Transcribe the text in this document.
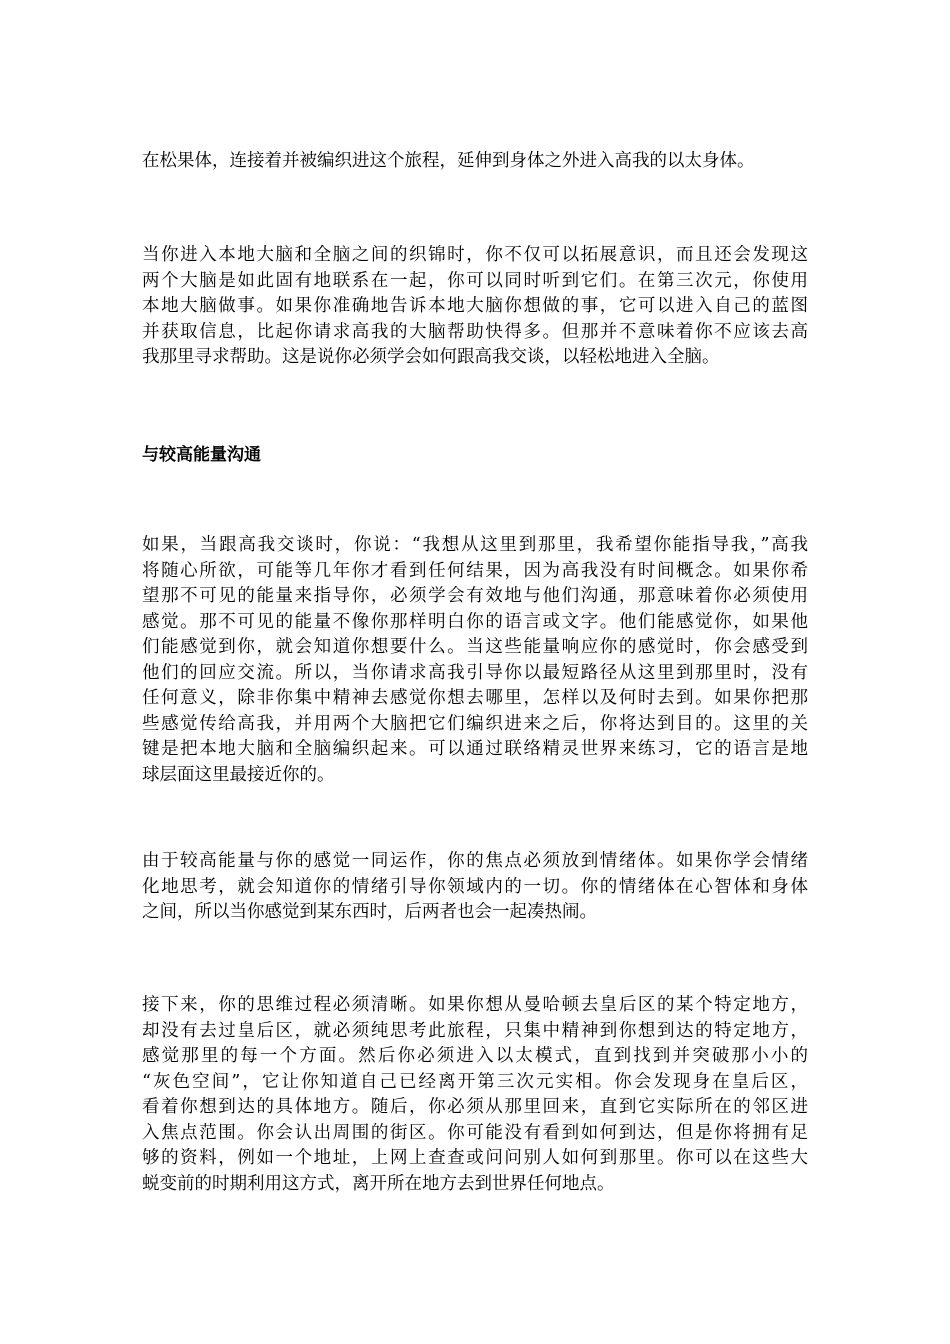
在松果体，连接着并被编织进这个旅程，延伸到身体之外进入高我的以太身体。
当你进入本地大脑和全脑之间的织锦时，你不仅可以拓展意识，而且还会发现这
两个大脑是如此固有地联系在一起，你可以同时听到它们。在第三次元，你使用
本地大脑做事。如果你准确地告诉本地大脑你想做的事，它可以进入自己的蓝图
并获取信息，比起你请求高我的大脑帮助快得多。但那并不意味着你不应该去高
我那里寻求帮助。这是说你必须学会如何跟高我交谈，以轻松地进入全脑。
与较高能量沟通
如果，当跟高我交谈时，你说：“我想从这里到那里，我希望你能指导我，”高我
将随心所欲，可能等几年你才看到任何结果，因为高我没有时间概念。如果你希
望那不可见的能量来指导你，必须学会有效地与他们沟通，那意味着你必须使用
感觉。那不可见的能量不像你那样明白你的语言或文字。他们能感觉你，如果他
们能感觉到你，就会知道你想要什么。当这些能量响应你的感觉时，你会感受到
他们的回应交流。所以，当你请求高我引导你以最短路径从这里到那里时，没有
任何意义，除非你集中精神去感觉你想去哪里，怎样以及何时去到。如果你把那
些感觉传给高我，并用两个大脑把它们编织进来之后，你将达到目的。这里的关
键是把本地大脑和全脑编织起来。可以通过联络精灵世界来练习，它的语言是地
球层面这里最接近你的。
由于较高能量与你的感觉一同运作，你的焦点必须放到情绪体。如果你学会情绪
化地思考，就会知道你的情绪引导你领域内的一切。你的情绪体在心智体和身体
之间，所以当你感觉到某东西时，后两者也会一起凑热闹。
接下来，你的思维过程必须清晰。如果你想从曼哈顿去皇后区的某个特定地方，
却没有去过皇后区，就必须纯思考此旅程，只集中精神到你想到达的特定地方，
感觉那里的每一个方面。然后你必须进入以太模式，直到找到并突破那小小的
“灰色空间”，它让你知道自己已经离开第三次元实相。你会发现身在皇后区，
看着你想到达的具体地方。随后，你必须从那里回来，直到它实际所在的邻区进
入焦点范围。你会认出周围的街区。你可能没有看到如何到达，但是你将拥有足
够的资料，例如一个地址，上网上查查或问问别人如何到那里。你可以在这些大
蜕变前的时期利用这方式，离开所在地方去到世界任何地点。
